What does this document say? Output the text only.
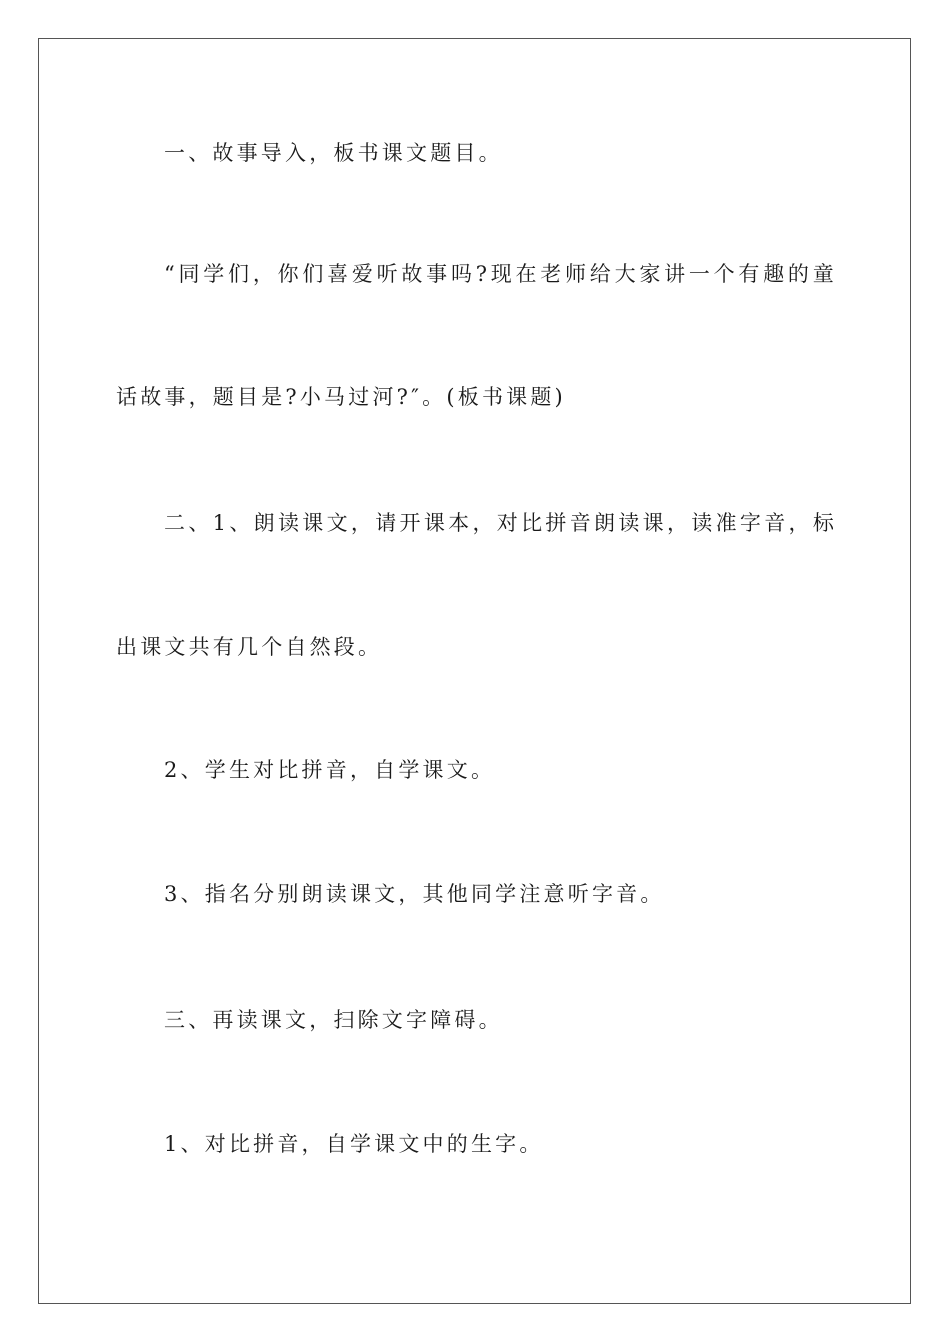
一、故事导入，板书课文题目。
“ 同 学 们 ， 你 们 喜 爱 听 故 事 吗 ? 现 在 老 师 给 大 家 讲 一 个 有 趣 的 童
话故事，题目是?小马过河?″。(板书课题)
二 、 1 、 朗 读 课 文 ， 请 开 课 本 ， 对 比 拼 音 朗 读 课 ， 读 准 字 音 ， 标
出课文共有几个自然段。
2、学生对比拼音，自学课文。
3、指名分别朗读课文，其他同学注意听字音。
三、再读课文，扫除文字障碍。
1、对比拼音，自学课文中的生字。
